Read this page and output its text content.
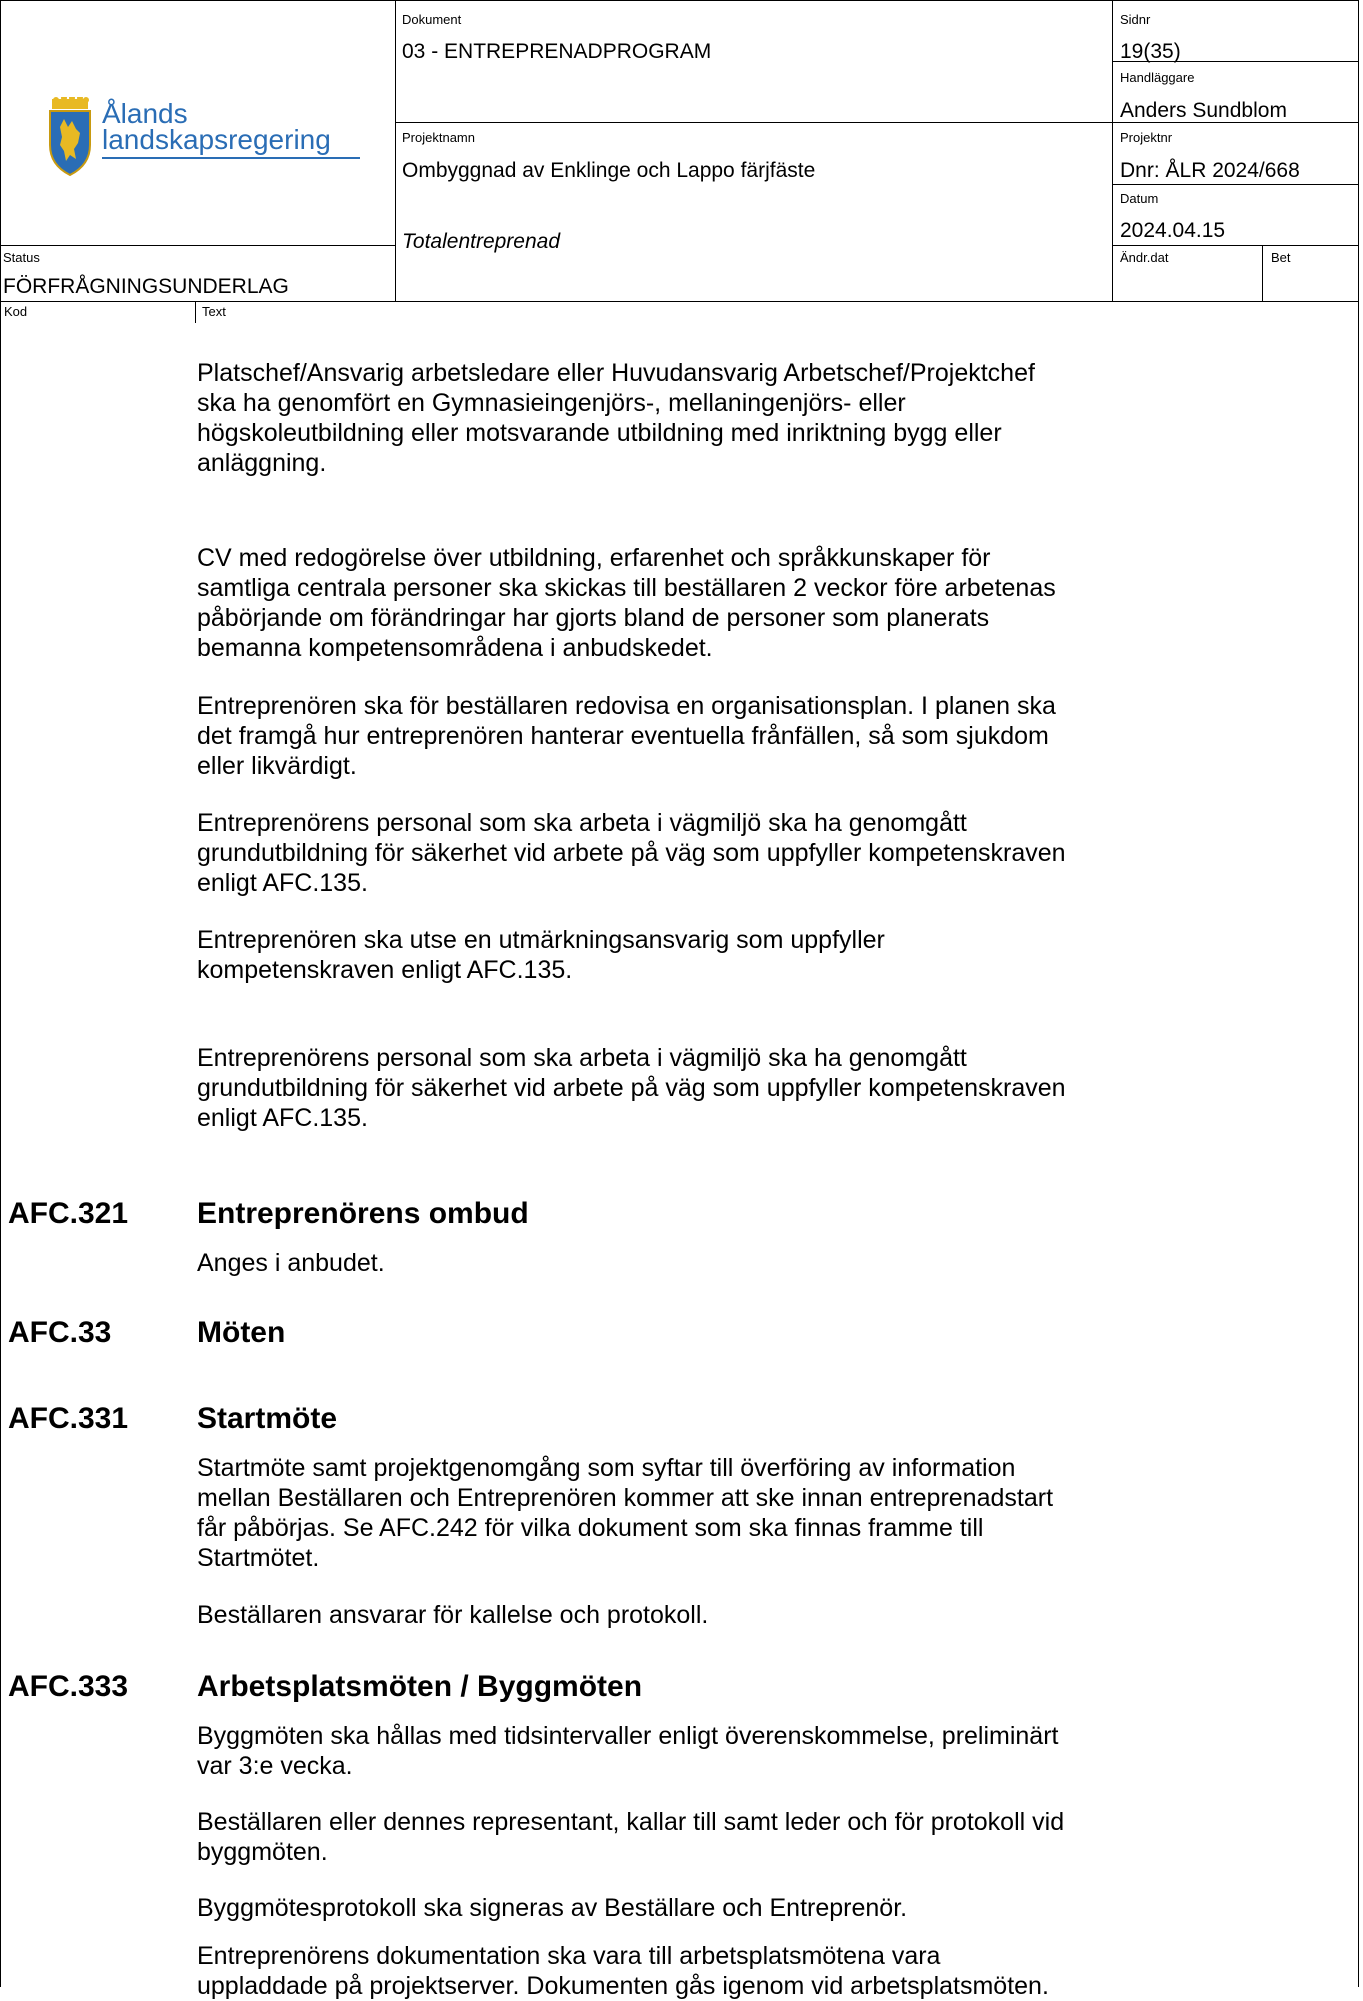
Ålands
landskapsregering
Dokument
03 - ENTREPRENADPROGRAM
Sidnr
19(35)
Handläggare
Anders Sundblom
Projektnamn
Ombyggnad av Enklinge och Lappo färjfäste
Projektnr
Dnr: ÅLR 2024/668
Datum
2024.04.15
Totalentreprenad
Ändr.dat	Bet
Status
FÖRFRÅGNINGSUNDERLAG
Kod	Text

Platschef/Ansvarig arbetsledare eller Huvudansvarig Arbetschef/Projektchef
ska ha genomfört en Gymnasieingenjörs-, mellaningenjörs- eller
högskoleutbildning eller motsvarande utbildning med inriktning bygg eller
anläggning.

CV med redogörelse över utbildning, erfarenhet och språkkunskaper för
samtliga centrala personer ska skickas till beställaren 2 veckor före arbetenas
påbörjande om förändringar har gjorts bland de personer som planerats
bemanna kompetensområdena i anbudskedet.

Entreprenören ska för beställaren redovisa en organisationsplan. I planen ska
det framgå hur entreprenören hanterar eventuella frånfällen, så som sjukdom
eller likvärdigt.

Entreprenörens personal som ska arbeta i vägmiljö ska ha genomgått
grundutbildning för säkerhet vid arbete på väg som uppfyller kompetenskraven
enligt AFC.135.

Entreprenören ska utse en utmärkningsansvarig som uppfyller
kompetenskraven enligt AFC.135.

Entreprenörens personal som ska arbeta i vägmiljö ska ha genomgått
grundutbildning för säkerhet vid arbete på väg som uppfyller kompetenskraven
enligt AFC.135.

AFC.321 Entreprenörens ombud

Anges i anbudet.

AFC.33	Möten
AFC.331 Startmöte

Startmöte samt projektgenomgång som syftar till överföring av information
mellan Beställaren och Entreprenören kommer att ske innan entreprenadstart
får påbörjas. Se AFC.242 för vilka dokument som ska finnas framme till
Startmötet.

Beställaren ansvarar för kallelse och protokoll.

AFC.333 Arbetsplatsmöten / Byggmöten

Byggmöten ska hållas med tidsintervaller enligt överenskommelse, preliminärt
var 3:e vecka.

Beställaren eller dennes representant, kallar till samt leder och för protokoll vid
byggmöten.

Byggmötesprotokoll ska signeras av Beställare och Entreprenör.

Entreprenörens dokumentation ska vara till arbetsplatsmötena vara
uppladdade på projektserver. Dokumenten gås igenom vid arbetsplatsmöten.
